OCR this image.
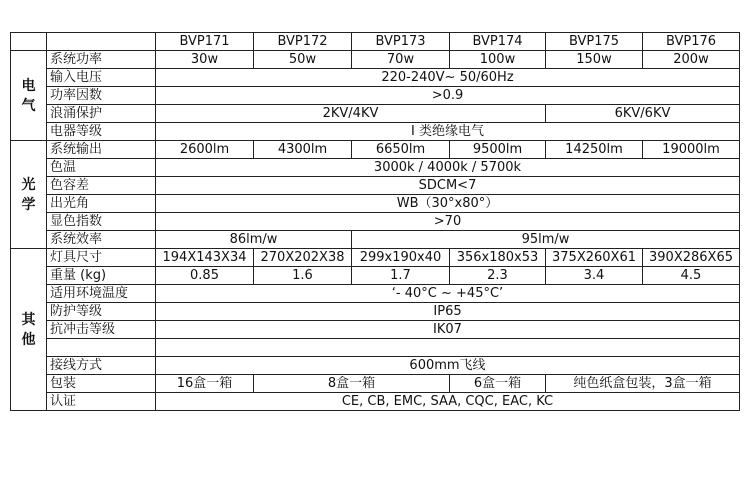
		BVP171	BVP172	BVP173	BVP174	BVP175	BVP176
电气	系统功率	30w	50w	70w	100w	150w	200w
	输入电压	220-240V~ 50/60Hz					
	功率因数	>0.9					
	浪涌保护	2KV/4KV				6KV/6KV	
	电器等级	I 类绝缘电气					
光学	系统输出	2600lm	4300lm	6650lm	9500lm	14250lm	19000lm
	色温	3000k / 4000k / 5700k					
	色容差	SDCM<7					
	出光角	WB（30°x80°）					
	显色指数	>70					
	系统效率	86lm/w		95lm/w			
其他	灯具尺寸	194X143X34	270X202X38	299x190x40	356x180x53	375X260X61	390X286X65
	重量 (kg)	0.85	1.6	1.7	2.3	3.4	4.5
	适用环境温度	‘- 40°C ~ +45°C’					
	防护等级	IP65					
	抗冲击等级	IK07					

	接线方式	600mm飞线					
	包装	16盒一箱	8盒一箱		6盒一箱	纯色纸盒包装，3盒一箱	
	认证	CE, CB, EMC, SAA, CQC, EAC, KC					
